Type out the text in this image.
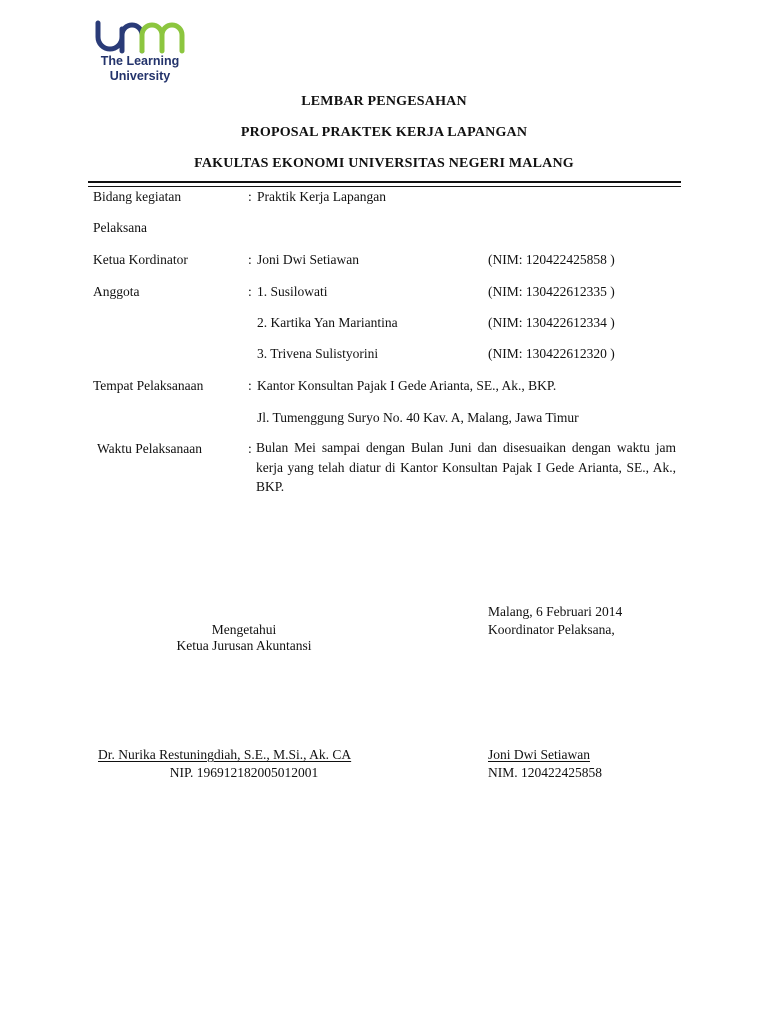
The Learning
University
LEMBAR PENGESAHAN
PROPOSAL PRAKTEK KERJA LAPANGAN
FAKULTAS EKONOMI UNIVERSITAS NEGERI MALANG
Bidang kegiatan	: Praktik Kerja Lapangan
Pelaksana
Ketua Kordinator	: Joni Dwi Setiawan	(NIM: 120422425858 )
Anggota	: 1. Susilowati	(NIM: 130422612335 )
2. Kartika Yan Mariantina	(NIM: 130422612334 )
3. Trivena Sulistyorini	(NIM: 130422612320 )
Tempat Pelaksanaan	: Kantor Konsultan Pajak I Gede Arianta, SE., Ak., BKP.
Jl. Tumenggung Suryo No. 40 Kav. A, Malang, Jawa Timur
Waktu Pelaksanaan	: Bulan Mei sampai dengan Bulan Juni dan disesuaikan dengan waktu jam kerja yang telah diatur di Kantor Konsultan Pajak I Gede Arianta, SE., Ak., BKP.
Malang, 6 Februari 2014
Mengetahui	Koordinator Pelaksana,
Ketua Jurusan Akuntansi
Dr. Nurika Restuningdiah, S.E., M.Si., Ak. CA
NIP. 196912182005012001
Joni Dwi Setiawan
NIM. 120422425858
